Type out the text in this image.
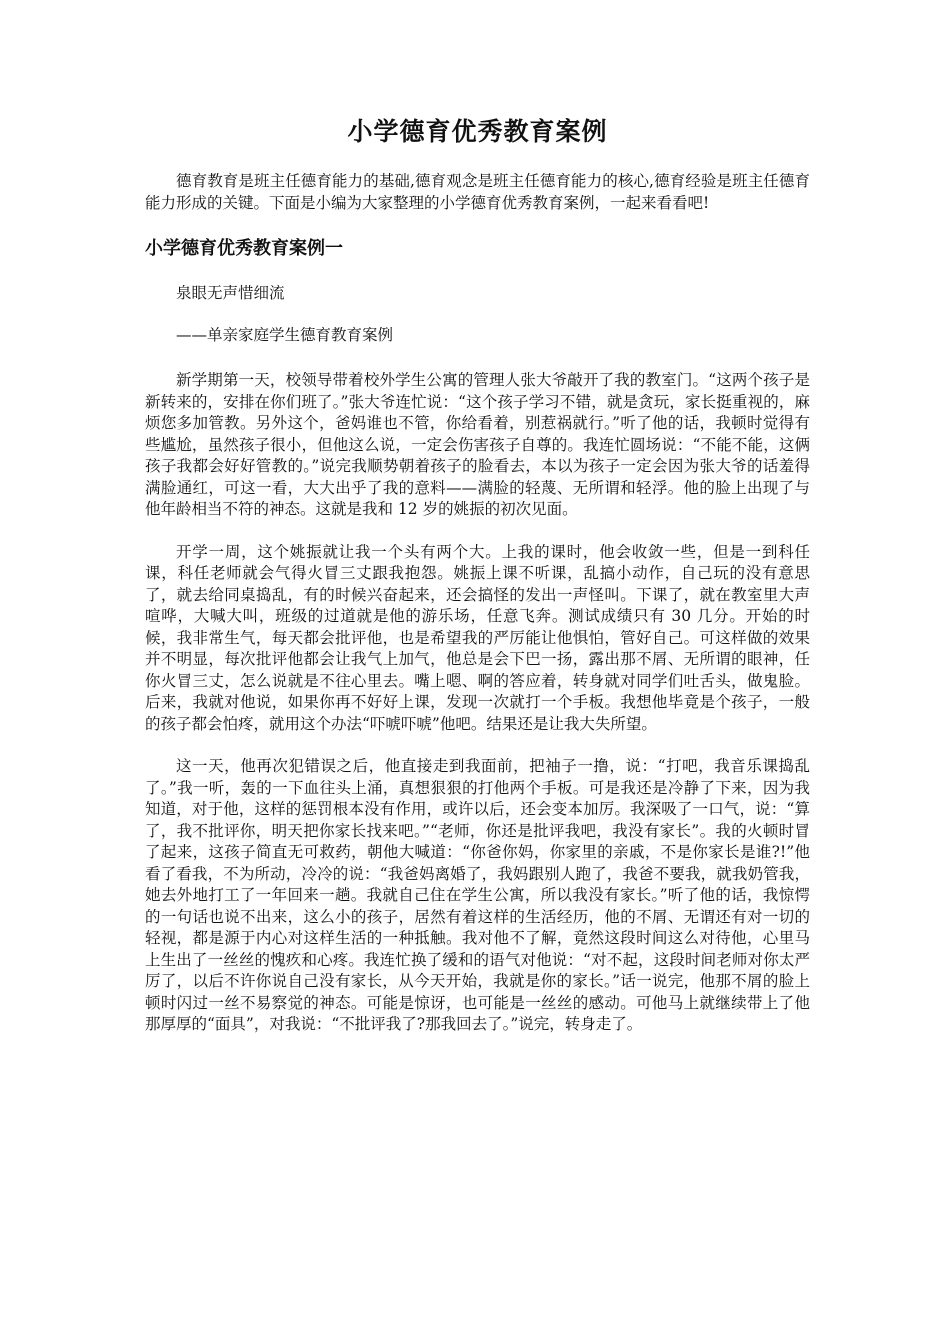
小学德育优秀教育案例

德育教育是班主任德育能力的基础,德育观念是班主任德育能力的核心,德育经验是班主任德育能力形成的关键。下面是小编为大家整理的小学德育优秀教育案例，一起来看看吧!

小学德育优秀教育案例一

泉眼无声惜细流

——单亲家庭学生德育教育案例

新学期第一天，校领导带着校外学生公寓的管理人张大爷敲开了我的教室门。“这两个孩子是新转来的，安排在你们班了。”张大爷连忙说：“这个孩子学习不错，就是贪玩，家长挺重视的，麻烦您多加管教。另外这个，爸妈谁也不管，你给看着，别惹祸就行。”听了他的话，我顿时觉得有些尴尬，虽然孩子很小，但他这么说，一定会伤害孩子自尊的。我连忙圆场说：“不能不能，这俩孩子我都会好好管教的。”说完我顺势朝着孩子的脸看去，本以为孩子一定会因为张大爷的话羞得满脸通红，可这一看，大大出乎了我的意料——满脸的轻蔑、无所谓和轻浮。他的脸上出现了与他年龄相当不符的神态。这就是我和 12 岁的姚振的初次见面。

开学一周，这个姚振就让我一个头有两个大。上我的课时，他会收敛一些，但是一到科任课，科任老师就会气得火冒三丈跟我抱怨。姚振上课不听课，乱搞小动作，自己玩的没有意思了，就去给同桌捣乱，有的时候兴奋起来，还会搞怪的发出一声怪叫。下课了，就在教室里大声喧哗，大喊大叫，班级的过道就是他的游乐场，任意飞奔。测试成绩只有 30 几分。开始的时候，我非常生气，每天都会批评他，也是希望我的严厉能让他惧怕，管好自己。可这样做的效果并不明显，每次批评他都会让我气上加气，他总是会下巴一扬，露出那不屑、无所谓的眼神，任你火冒三丈，怎么说就是不往心里去。嘴上嗯、啊的答应着，转身就对同学们吐舌头，做鬼脸。后来，我就对他说，如果你再不好好上课，发现一次就打一个手板。我想他毕竟是个孩子，一般的孩子都会怕疼，就用这个办法“吓唬吓唬”他吧。结果还是让我大失所望。

这一天，他再次犯错误之后，他直接走到我面前，把袖子一撸，说：“打吧，我音乐课捣乱了。”我一听，轰的一下血往头上涌，真想狠狠的打他两个手板。可是我还是冷静了下来，因为我知道，对于他，这样的惩罚根本没有作用，或许以后，还会变本加厉。我深吸了一口气，说：“算了，我不批评你，明天把你家长找来吧。”“老师，你还是批评我吧，我没有家长”。我的火顿时冒了起来，这孩子简直无可救药，朝他大喊道：“你爸你妈，你家里的亲戚，不是你家长是谁?!”他看了看我，不为所动，冷冷的说：“我爸妈离婚了，我妈跟别人跑了，我爸不要我，就我奶管我，她去外地打工了一年回来一趟。我就自己住在学生公寓，所以我没有家长。”听了他的话，我惊愕的一句话也说不出来，这么小的孩子，居然有着这样的生活经历，他的不屑、无谓还有对一切的轻视，都是源于内心对这样生活的一种抵触。我对他不了解，竟然这段时间这么对待他，心里马上生出了一丝丝的愧疚和心疼。我连忙换了缓和的语气对他说：“对不起，这段时间老师对你太严厉了，以后不许你说自己没有家长，从今天开始，我就是你的家长。”话一说完，他那不屑的脸上顿时闪过一丝不易察觉的神态。可能是惊讶，也可能是一丝丝的感动。可他马上就继续带上了他那厚厚的“面具”，对我说：“不批评我了?那我回去了。”说完，转身走了。
